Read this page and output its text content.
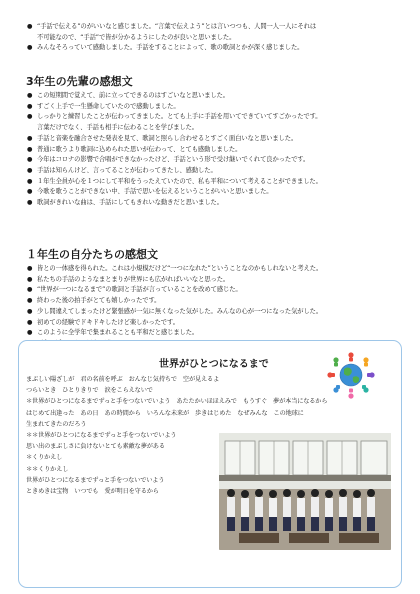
● “手話で伝える”のがいいなと感じました。“言葉で伝えよう”とは言いつつも、人間一人一人にそれは
不可能なので、“手話”で皆が分かるようにしたのが良いと思いました。
● みんなそろっていて感動しました。手話をすることによって、歌の歌詞とかが深く感じました。
3年生の先輩の感想文
● この短期間で覚えて、前に立ってできるのはすごいなと思いました。
● すごく上手で一生懸命していたので感動しました。
● しっかりと練習したことが伝わってきました。とても上手に手話を用いてできていてすごかったです。
言葉だけでなく、手話も相手に伝わることを学びました。
● 手話と音楽を融合させた発表を見て、歌詞と照らし合わせるとすごく面白いなと思いました。
● 普通に歌うより歌詞に込められた思いが伝わって、とても感動しました。
● 今年はコロナの影響で合唱ができなかったけど、手話という形で受け継いでくれて良かったです。
● 手話は知らんけど、言ってることが伝わってきたし、感動した。
● １年生全員が心を１つにして平和をうったえていたので、私も平和について考えることができました。
● 今歌を歌うことができない中、手話で思いを伝えるということがいいと思いました。
● 歌詞がきれいな曲は、手話にしてもきれいな動きだと思いました。
１年生の自分たちの感想文
● 皆との一体感を得られた。これは小規模だけど“一つになれた”ということなのかもしれないと考えた。
● 私たちの手話のようなまとまりが世界にも広がればいいなと思った。
● “世界が一つになるまで”の歌詞と手話が言っていることを改めて感じた。
● 終わった後の拍手がとても嬉しかったです。
● 少し間違えてしまったけど緊張感が一気に無くなった気がした。みんなの心が一つになった気がした。
● 初めての経験でドキドキしたけど楽しかったです。
● このように全学年で集まれることも平和だと感じました。
●
世界がひとつになるまで
まぶしい陽ざしが　君の名前を呼ぶ　おんなじ気持ちで　空が見えるよ
つらいとき　ひとりきりで　涙をこらえないで
＊世界がひとつになるまでずっと手をつないでいよう　あたたかいほほえみで　もうすぐ　夢が本当になるから
はじめて出逢った　あの日　あの時間から　いろんな未来が　歩きはじめた　なぜみんな　この地球に
生まれてきたのだろう
＊＊世界がひとつになるまでずっと手をつないでいよう
思い出のまぶしさに負けないとても素敵な夢がある
＊くりかえし
＊＊くりかえし
世界がひとつになるまでずっと手をつないでいよう
ときめきは宝物　いつでも　愛が明日を守るから
